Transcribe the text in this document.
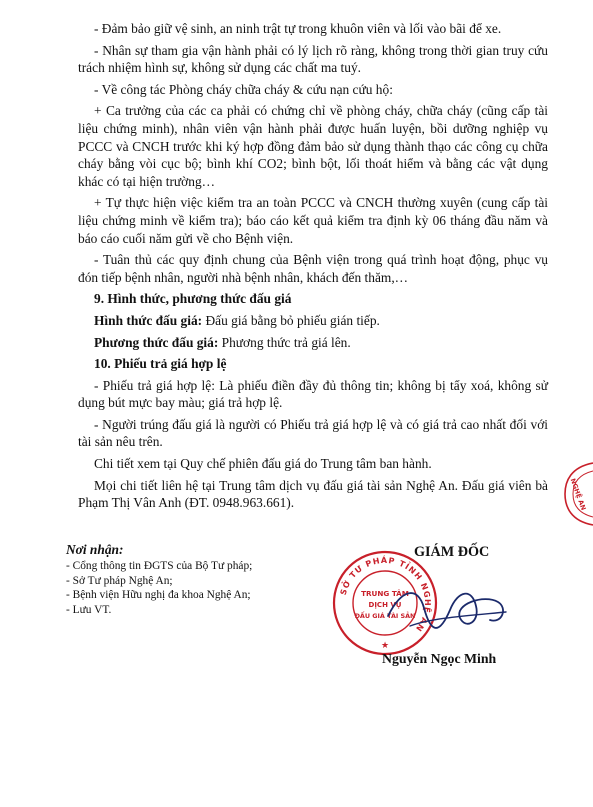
- Đảm bảo giữ vệ sinh, an ninh trật tự trong khuôn viên và lối vào bãi để xe.

- Nhân sự tham gia vận hành phải có lý lịch rõ ràng, không trong thời gian truy cứu trách nhiệm hình sự, không sử dụng các chất ma tuý.

- Về công tác Phòng cháy chữa cháy & cứu nạn cứu hộ:

+ Ca trưởng của các ca phải có chứng chỉ về phòng cháy, chữa cháy (cũng cấp tài liệu chứng minh), nhân viên vận hành phải được huấn luyện, bồi dưỡng nghiệp vụ PCCC và CNCH trước khi ký hợp đồng đảm bảo sử dụng thành thạo các công cụ chữa cháy bằng vòi cục bộ; bình khí CO2; bình bột, lối thoát hiểm và bằng các vật dụng khác có tại hiện trường…

+ Tự thực hiện việc kiểm tra an toàn PCCC và CNCH thường xuyên (cung cấp tài liệu chứng minh về kiểm tra); báo cáo kết quả kiểm tra định kỳ 06 tháng đầu năm và báo cáo cuối năm gửi về cho Bệnh viện.

- Tuân thủ các quy định chung của Bệnh viện trong quá trình hoạt động, phục vụ đón tiếp bệnh nhân, người nhà bệnh nhân, khách đến thăm,…

9. Hình thức, phương thức đấu giá

Hình thức đấu giá: Đấu giá bằng bỏ phiếu gián tiếp.

Phương thức đấu giá: Phương thức trả giá lên.

10. Phiếu trả giá hợp lệ

- Phiếu trả giá hợp lệ: Là phiếu điền đầy đủ thông tin; không bị tẩy xoá, không sử dụng bút mực bay màu; giá trả hợp lệ.

- Người trúng đấu giá là người có Phiếu trả giá hợp lệ và có giá trả cao nhất đối với tài sản nêu trên.

Chi tiết xem tại Quy chế phiên đấu giá do Trung tâm ban hành.

Mọi chi tiết liên hệ tại Trung tâm dịch vụ đấu giá tài sản Nghệ An. Đấu giá viên bà Phạm Thị Vân Anh (ĐT. 0948.963.661).

Nơi nhận:

- Cổng thông tin ĐGTS của Bộ Tư pháp;

- Sở Tư pháp Nghệ An;

- Bệnh viện Hữu nghị đa khoa Nghệ An;

- Lưu VT.

SỞ TƯ PHÁP TỈNH NGHỆ AN
TRUNG TÂM
DỊCH VỤ
ĐẤU GIÁ TÀI SẢN
★
GIÁM ĐỐC
Nguyễn Ngọc Minh
NGHỆ AN
